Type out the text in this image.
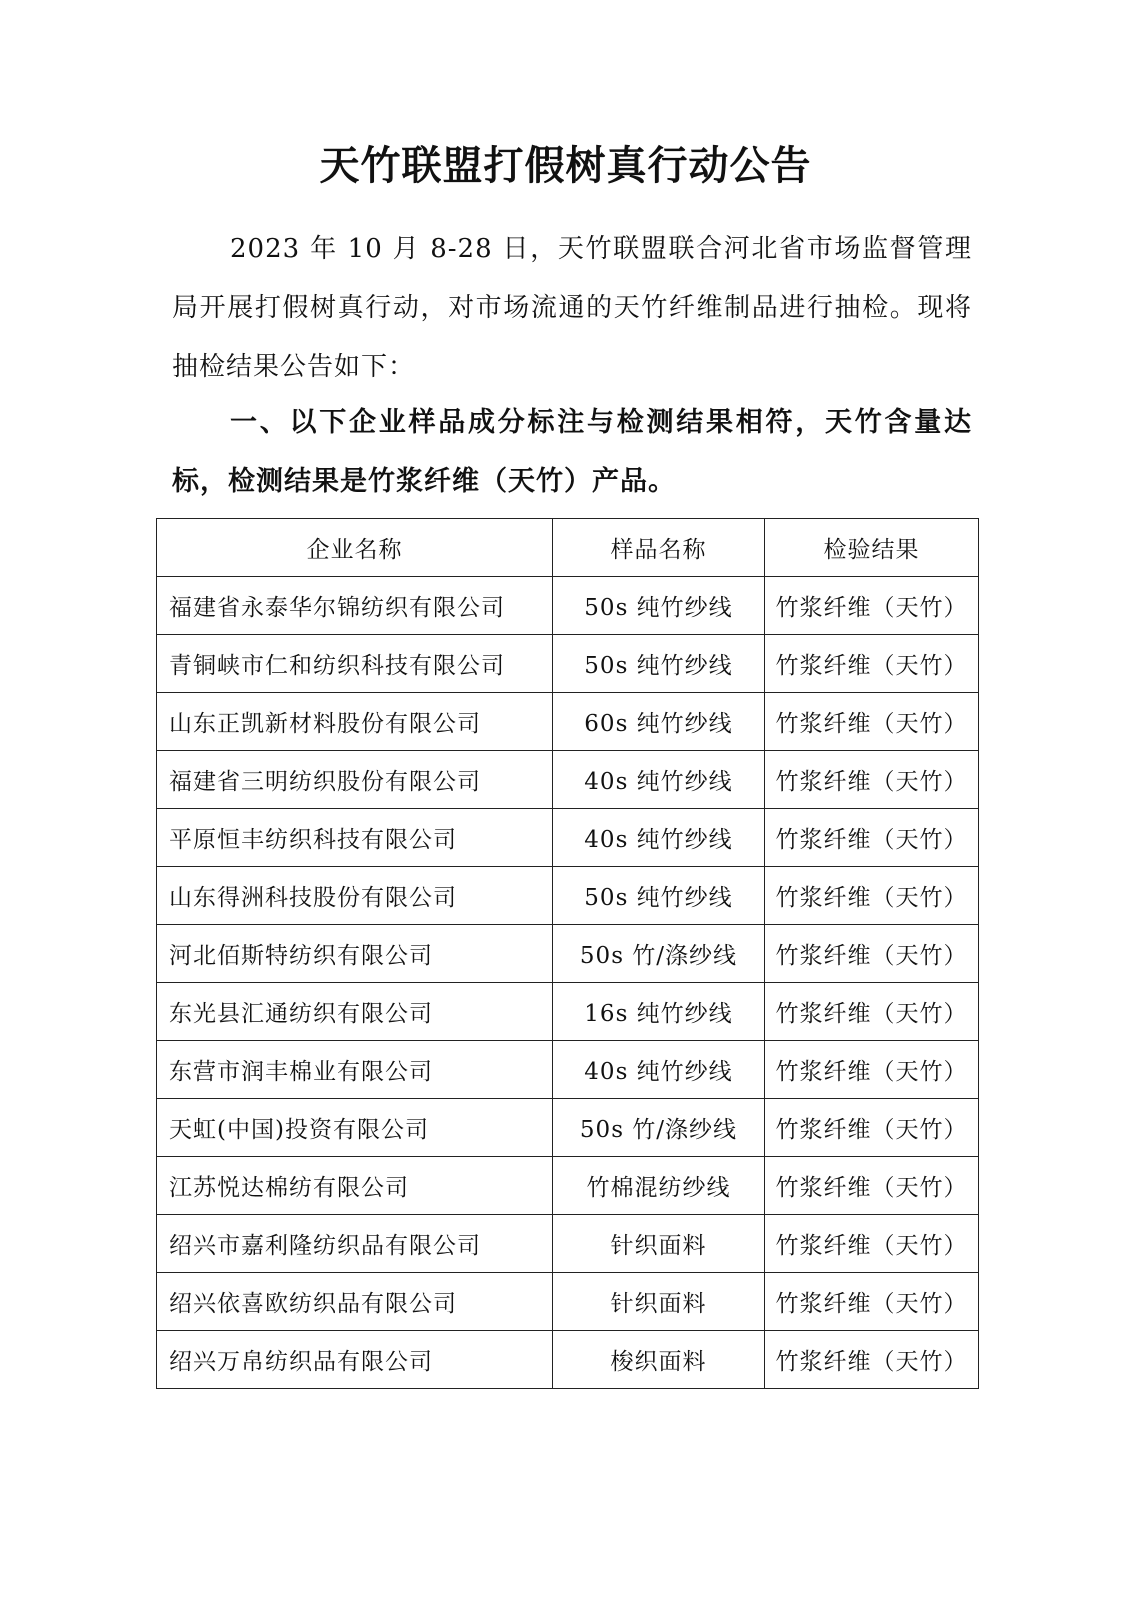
天竹联盟打假树真行动公告

2023 年 10 月 8-28 日，天竹联盟联合河北省市场监督管理局开展打假树真行动，对市场流通的天竹纤维制品进行抽检。现将抽检结果公告如下：

一、以下企业样品成分标注与检测结果相符，天竹含量达标，检测结果是竹浆纤维（天竹）产品。

企业名称	样品名称	检验结果
福建省永泰华尔锦纺织有限公司	50s 纯竹纱线	竹浆纤维（天竹）
青铜峡市仁和纺织科技有限公司	50s 纯竹纱线	竹浆纤维（天竹）
山东正凯新材料股份有限公司	60s 纯竹纱线	竹浆纤维（天竹）
福建省三明纺织股份有限公司	40s 纯竹纱线	竹浆纤维（天竹）
平原恒丰纺织科技有限公司	40s 纯竹纱线	竹浆纤维（天竹）
山东得洲科技股份有限公司	50s 纯竹纱线	竹浆纤维（天竹）
河北佰斯特纺织有限公司	50s 竹/涤纱线	竹浆纤维（天竹）
东光县汇通纺织有限公司	16s 纯竹纱线	竹浆纤维（天竹）
东营市润丰棉业有限公司	40s 纯竹纱线	竹浆纤维（天竹）
天虹(中国)投资有限公司	50s 竹/涤纱线	竹浆纤维（天竹）
江苏悦达棉纺有限公司	竹棉混纺纱线	竹浆纤维（天竹）
绍兴市嘉利隆纺织品有限公司	针织面料	竹浆纤维（天竹）
绍兴依喜欧纺织品有限公司	针织面料	竹浆纤维（天竹）
绍兴万帛纺织品有限公司	梭织面料	竹浆纤维（天竹）
